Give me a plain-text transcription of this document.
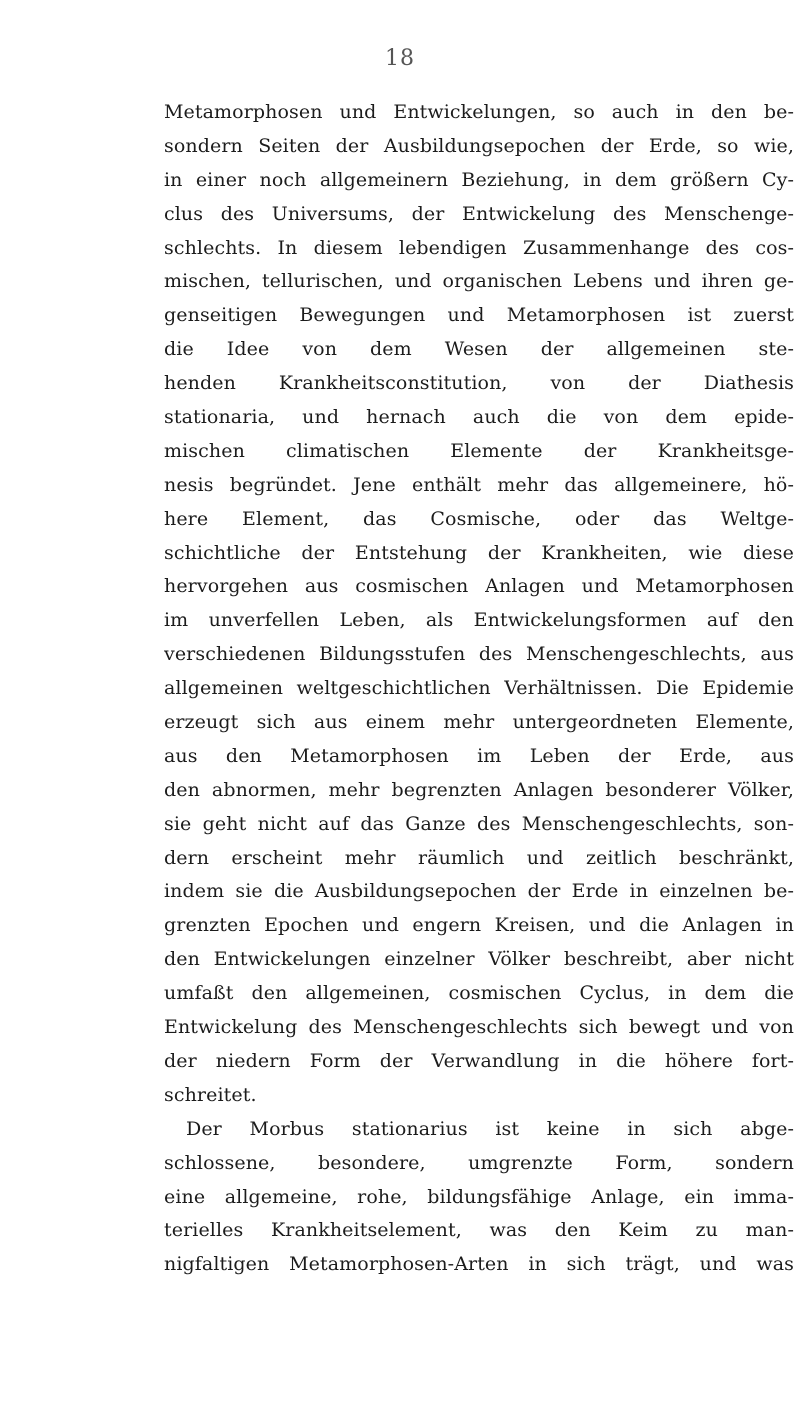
18
Metamorphosen und Entwickelungen, so auch in den be-
sondern Seiten der Ausbildungsepochen der Erde, so wie,
in einer noch allgemeinern Beziehung, in dem größern Cy-
clus des Universums, der Entwickelung des Menschenge-
schlechts. In diesem lebendigen Zusammenhange des cos-
mischen, tellurischen, und organischen Lebens und ihren ge-
genseitigen Bewegungen und Metamorphosen ist zuerst
die Idee von dem Wesen der allgemeinen ste-
henden Krankheitsconstitution, von der Diathesis
stationaria, und hernach auch die von dem epide-
mischen climatischen Elemente der Krankheitsge-
nesis begründet. Jene enthält mehr das allgemeinere, hö-
here Element, das Cosmische, oder das Weltge-
schichtliche der Entstehung der Krankheiten, wie diese
hervorgehen aus cosmischen Anlagen und Metamorphosen
im unverfellen Leben, als Entwickelungsformen auf den
verschiedenen Bildungsstufen des Menschengeschlechts, aus
allgemeinen weltgeschichtlichen Verhältnissen. Die Epidemie
erzeugt sich aus einem mehr untergeordneten Elemente,
aus den Metamorphosen im Leben der Erde, aus
den abnormen, mehr begrenzten Anlagen besonderer Völker,
sie geht nicht auf das Ganze des Menschengeschlechts, son-
dern erscheint mehr räumlich und zeitlich beschränkt,
indem sie die Ausbildungsepochen der Erde in einzelnen be-
grenzten Epochen und engern Kreisen, und die Anlagen in
den Entwickelungen einzelner Völker beschreibt, aber nicht
umfaßt den allgemeinen, cosmischen Cyclus, in dem die
Entwickelung des Menschengeschlechts sich bewegt und von
der niedern Form der Verwandlung in die höhere fort-
schreitet.
Der Morbus stationarius ist keine in sich abge-
schlossene, besondere, umgrenzte Form, sondern
eine allgemeine, rohe, bildungsfähige Anlage, ein imma-
terielles Krankheitselement, was den Keim zu man-
nigfaltigen Metamorphosen-Arten in sich trägt, und was
